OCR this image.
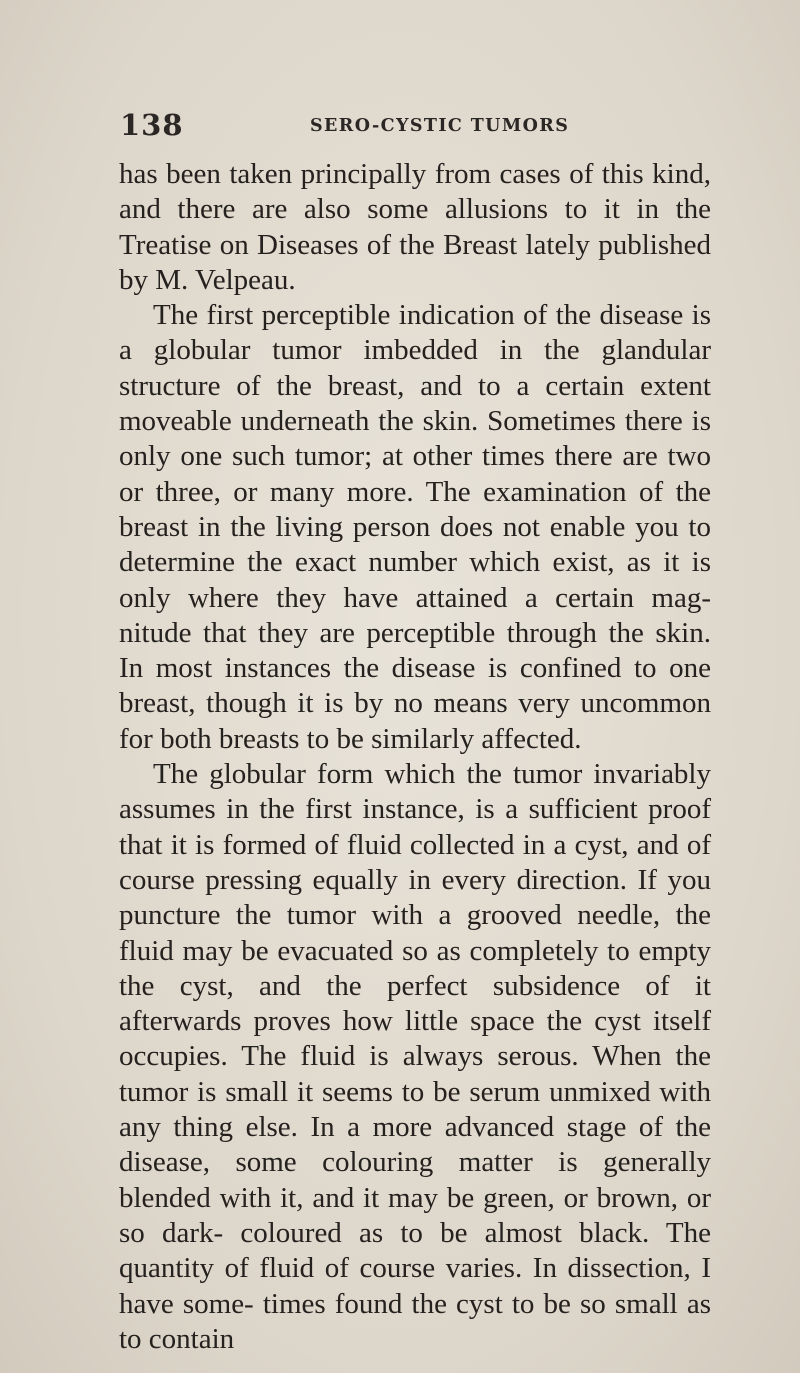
138	SERO-CYSTIC TUMORS

has been taken principally from cases of this kind, and there are also some allusions to it in the Treatise on Diseases of the Breast lately published by M. Velpeau.

The first perceptible indication of the disease is a globular tumor imbedded in the glandular structure of the breast, and to a certain extent moveable underneath the skin. Sometimes there is only one such tumor; at other times there are two or three, or many more. The examination of the breast in the living person does not enable you to determine the exact number which exist, as it is only where they have attained a certain mag- nitude that they are perceptible through the skin. In most instances the disease is confined to one breast, though it is by no means very uncommon for both breasts to be similarly affected.

The globular form which the tumor invariably assumes in the first instance, is a sufficient proof that it is formed of fluid collected in a cyst, and of course pressing equally in every direction. If you puncture the tumor with a grooved needle, the fluid may be evacuated so as completely to empty the cyst, and the perfect subsidence of it afterwards proves how little space the cyst itself occupies. The fluid is always serous. When the tumor is small it seems to be serum unmixed with any thing else. In a more advanced stage of the disease, some colouring matter is generally blended with it, and it may be green, or brown, or so dark- coloured as to be almost black. The quantity of fluid of course varies. In dissection, I have some- times found the cyst to be so small as to contain
